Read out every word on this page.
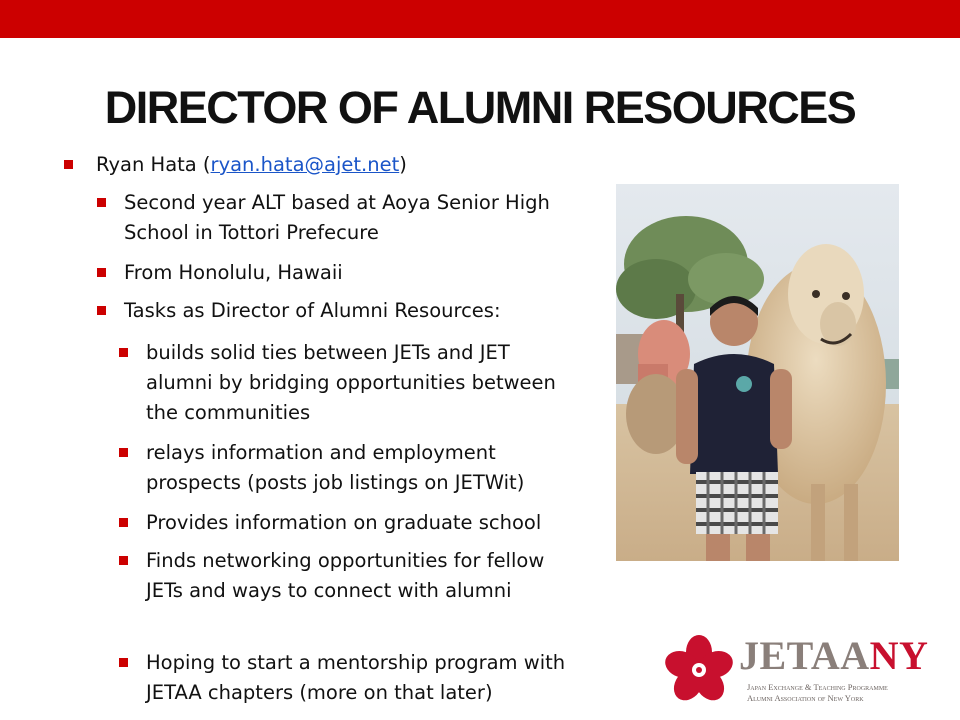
DIRECTOR OF ALUMNI RESOURCES
Ryan Hata (ryan.hata@ajet.net)
Second year ALT based at Aoya Senior High School in Tottori Prefecure
From Honolulu, Hawaii
Tasks as Director of Alumni Resources:
builds solid ties between JETs and JET alumni by bridging opportunities between the communities
relays information and employment prospects (posts job listings on JETWit)
Provides information on graduate school
Finds networking opportunities for fellow JETs and ways to connect with alumni
Hoping to start a mentorship program with JETAA chapters (more on that later)
JETAANY
Japan Exchange & Teaching Programme
Alumni Association of New York
